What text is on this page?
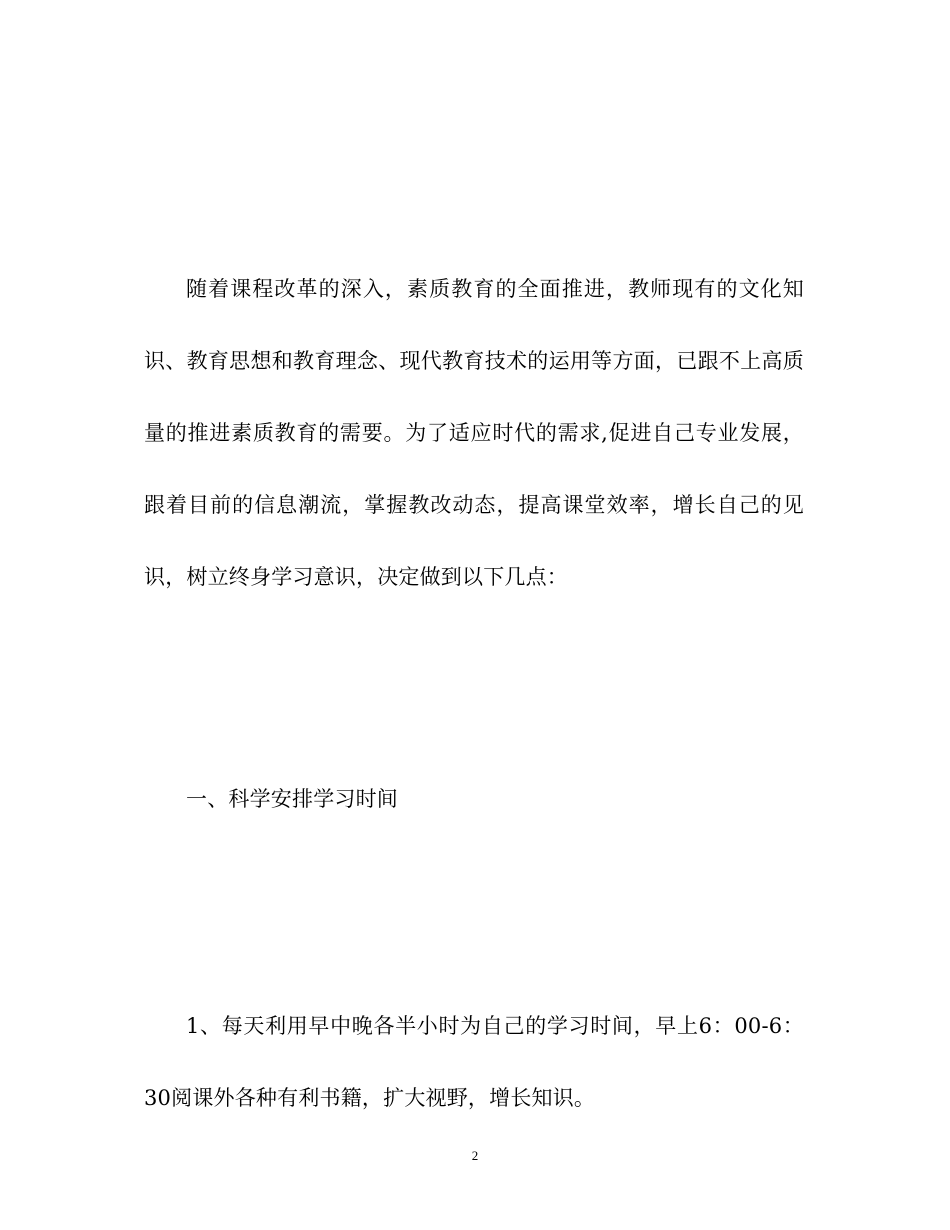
随着课程改革的深入，素质教育的全面推进，教师现有的文化知识、教育思想和教育理念、现代教育技术的运用等方面，已跟不上高质量的推进素质教育的需要。为了适应时代的需求,促进自己专业发展，跟着目前的信息潮流，掌握教改动态，提高课堂效率，增长自己的见识，树立终身学习意识，决定做到以下几点：

一、科学安排学习时间

1、每天利用早中晚各半小时为自己的学习时间，早上6：00-6：30阅课外各种有利书籍，扩大视野，增长知识。

2
